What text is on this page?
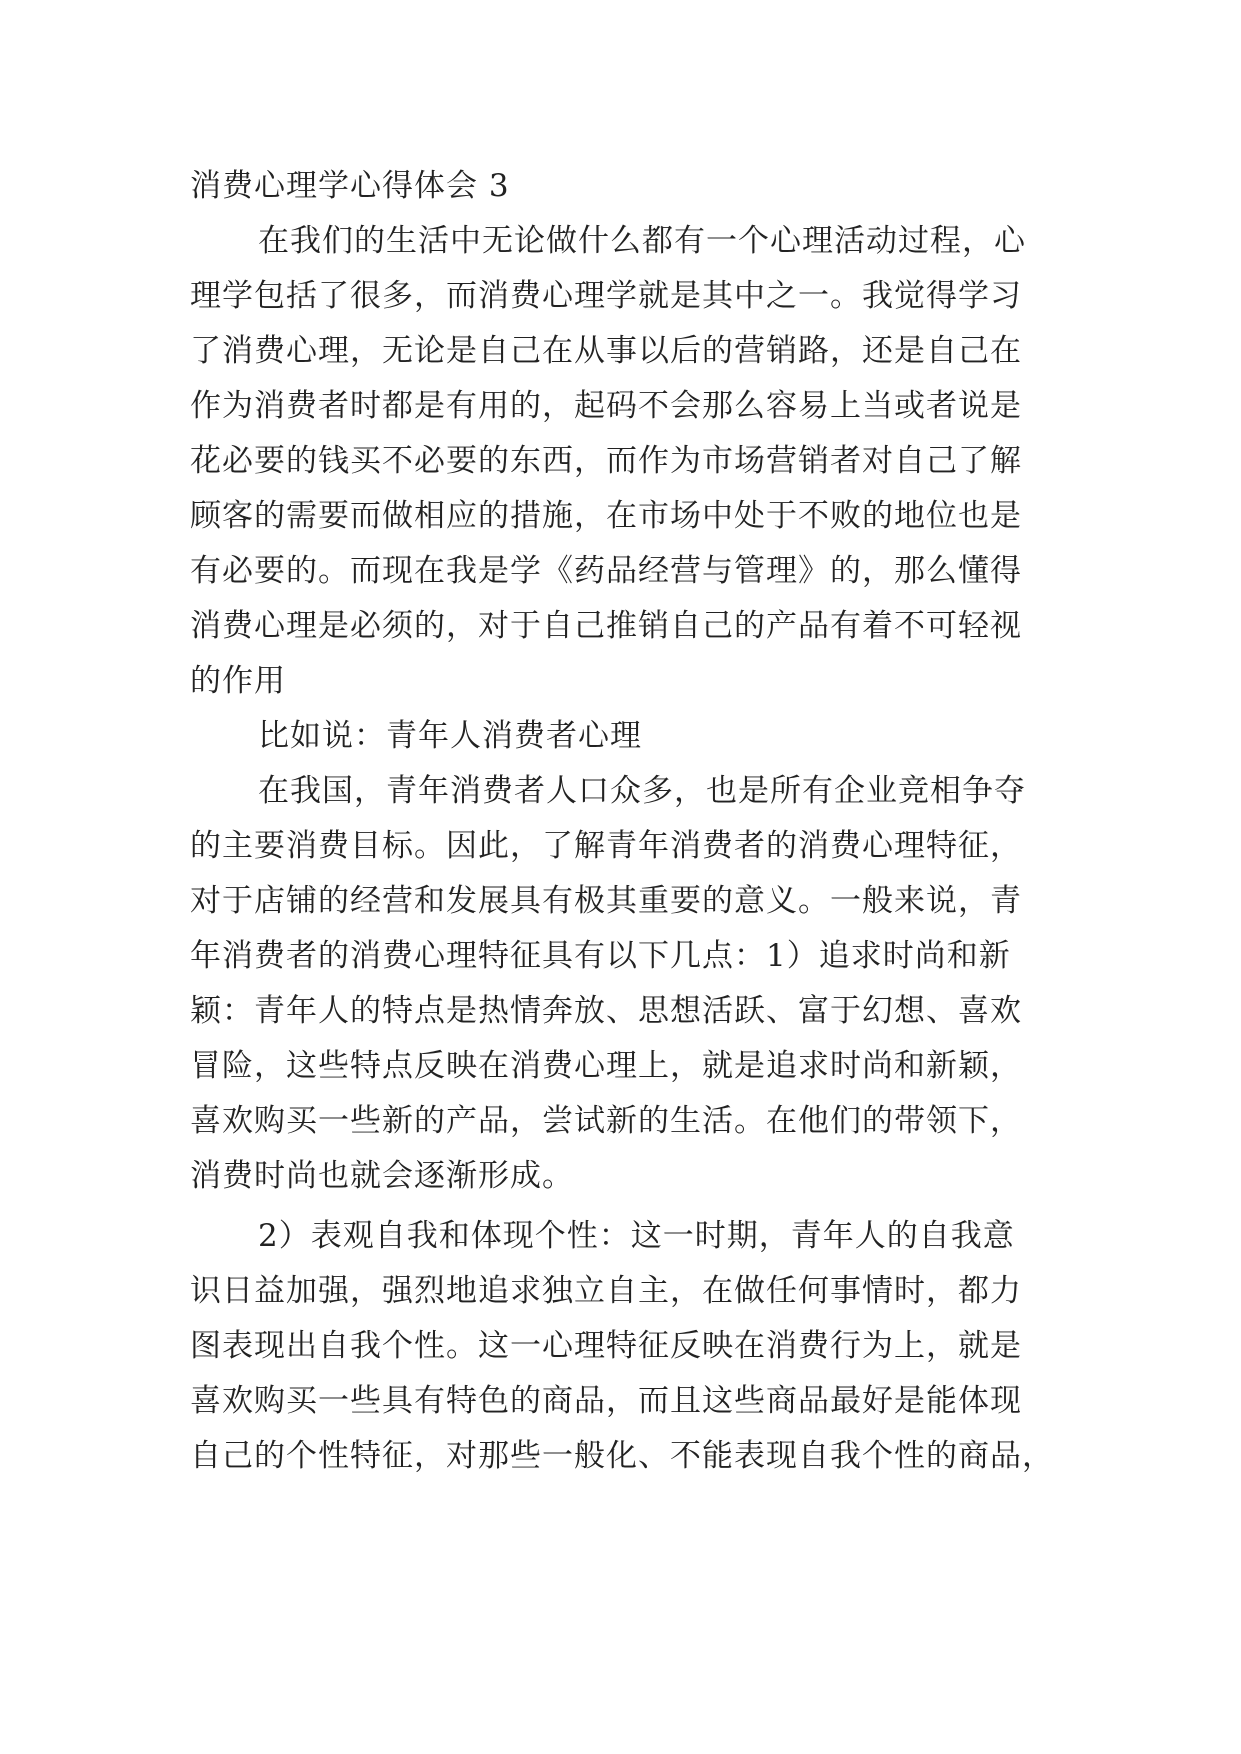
消费心理学心得体会 3
在我们的生活中无论做什么都有一个心理活动过程，心
理学包括了很多，而消费心理学就是其中之一。我觉得学习
了消费心理，无论是自己在从事以后的营销路，还是自己在
作为消费者时都是有用的，起码不会那么容易上当或者说是
花必要的钱买不必要的东西，而作为市场营销者对自己了解
顾客的需要而做相应的措施，在市场中处于不败的地位也是
有必要的。而现在我是学《药品经营与管理》的，那么懂得
消费心理是必须的，对于自己推销自己的产品有着不可轻视
的作用
比如说：青年人消费者心理
在我国，青年消费者人口众多，也是所有企业竞相争夺
的主要消费目标。因此，了解青年消费者的消费心理特征，
对于店铺的经营和发展具有极其重要的意义。一般来说，青
年消费者的消费心理特征具有以下几点：1）追求时尚和新
颖：青年人的特点是热情奔放、思想活跃、富于幻想、喜欢
冒险，这些特点反映在消费心理上，就是追求时尚和新颖，
喜欢购买一些新的产品，尝试新的生活。在他们的带领下，
消费时尚也就会逐渐形成。
2）表观自我和体现个性：这一时期，青年人的自我意
识日益加强，强烈地追求独立自主，在做任何事情时，都力
图表现出自我个性。这一心理特征反映在消费行为上，就是
喜欢购买一些具有特色的商品，而且这些商品最好是能体现
自己的个性特征，对那些一般化、不能表现自我个性的商品，
